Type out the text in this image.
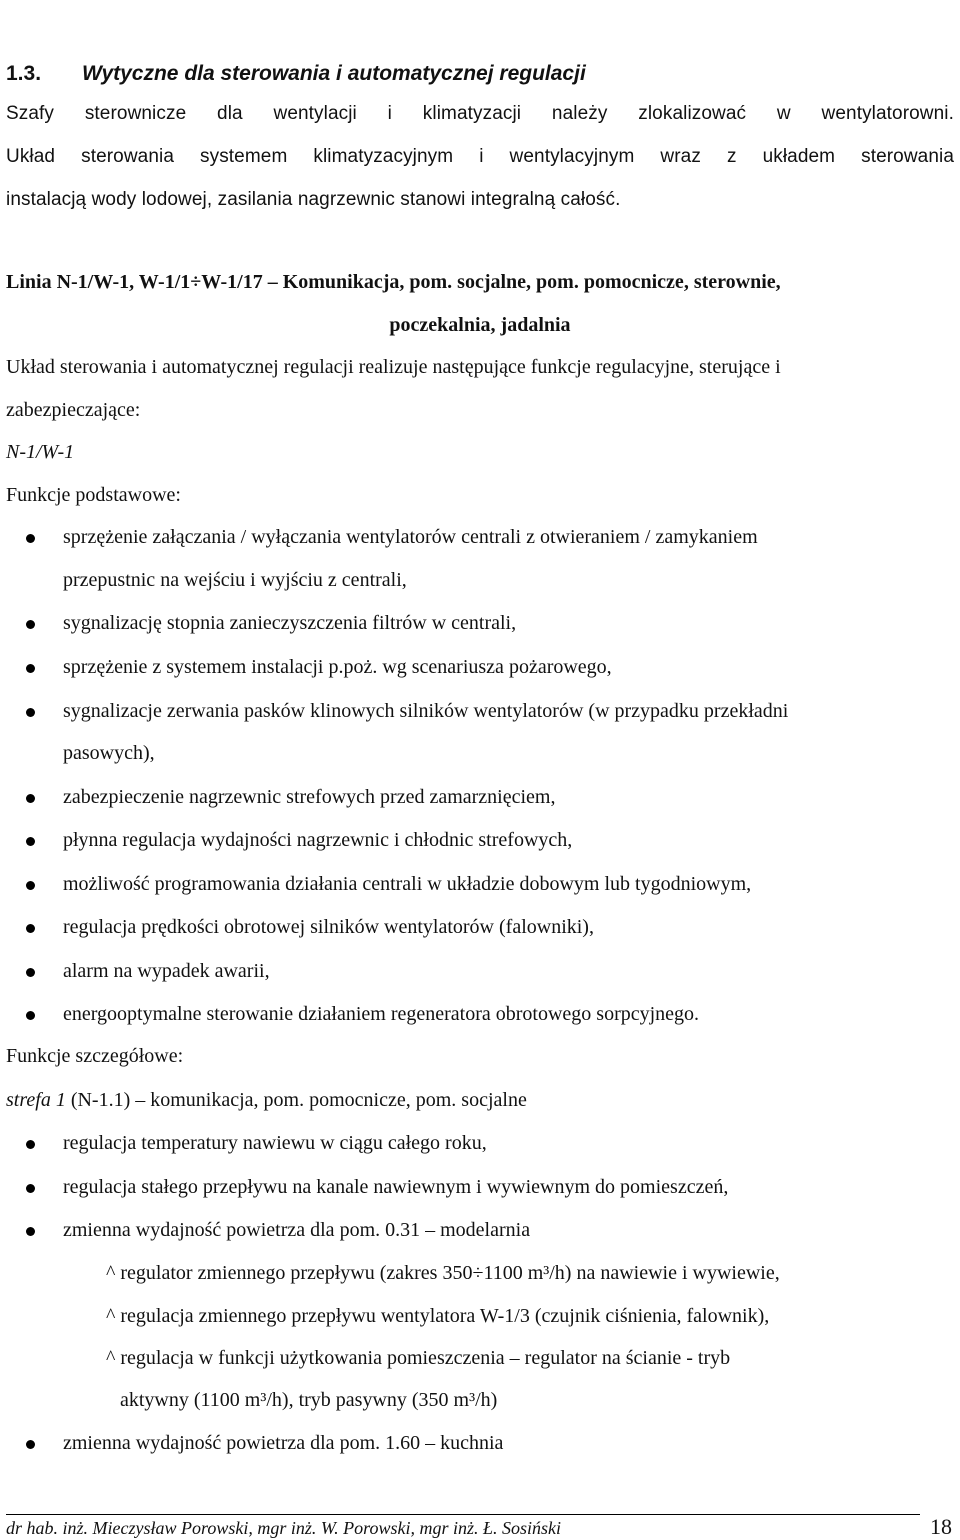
1.3. Wytyczne dla sterowania i automatycznej regulacji
Szafy sterownicze dla wentylacji i klimatyzacji należy zlokalizować w wentylatorowni.
Układ sterowania systemem klimatyzacyjnym i wentylacyjnym wraz z układem sterowania
instalacją wody lodowej, zasilania nagrzewnic stanowi integralną całość.
Linia N-1/W-1, W-1/1÷W-1/17 – Komunikacja, pom. socjalne, pom. pomocnicze, sterownie,
poczekalnia, jadalnia
Układ sterowania i automatycznej regulacji realizuje następujące funkcje regulacyjne, sterujące i
zabezpieczające:
N-1/W-1
Funkcje podstawowe:
sprzężenie załączania / wyłączania wentylatorów centrali z otwieraniem / zamykaniem
przepustnic na wejściu i wyjściu z centrali,
sygnalizację stopnia zanieczyszczenia filtrów w centrali,
sprzężenie z systemem instalacji p.poż. wg scenariusza pożarowego,
sygnalizacje zerwania pasków klinowych silników wentylatorów (w przypadku przekładni
pasowych),
zabezpieczenie nagrzewnic strefowych przed zamarznięciem,
płynna regulacja wydajności nagrzewnic i chłodnic strefowych,
możliwość programowania działania centrali w układzie dobowym lub tygodniowym,
regulacja prędkości obrotowej silników wentylatorów (falowniki),
alarm na wypadek awarii,
energooptymalne sterowanie działaniem regeneratora obrotowego sorpcyjnego.
Funkcje szczegółowe:
strefa 1 (N-1.1) – komunikacja, pom. pomocnicze, pom. socjalne
regulacja temperatury nawiewu w ciągu całego roku,
regulacja stałego przepływu na kanale nawiewnym i wywiewnym do pomieszczeń,
zmienna wydajność powietrza dla pom. 0.31 – modelarnia
^ regulator zmiennego przepływu (zakres 350÷1100 m³/h) na nawiewie i wywiewie,
^ regulacja zmiennego przepływu wentylatora W-1/3 (czujnik ciśnienia, falownik),
^ regulacja w funkcji użytkowania pomieszczenia – regulator na ścianie - tryb
aktywny (1100 m³/h), tryb pasywny (350 m³/h)
zmienna wydajność powietrza dla pom. 1.60 – kuchnia
dr hab. inż. Mieczysław Porowski, mgr inż. W. Porowski, mgr inż. Ł. Sosiński	18
